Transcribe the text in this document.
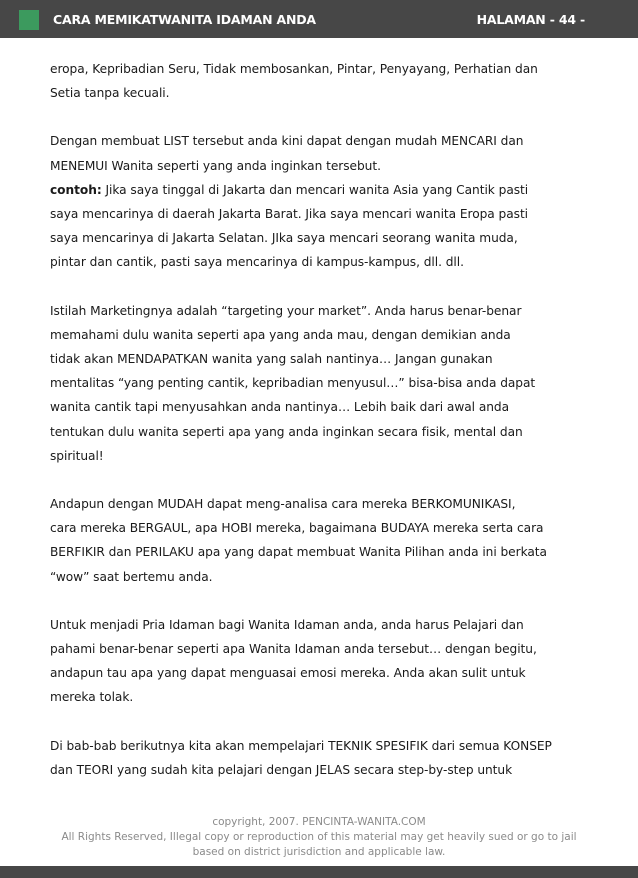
CARA MEMIKATWANITA IDAMAN ANDA	HALAMAN - 44 -

eropa, Kepribadian Seru, Tidak membosankan, Pintar, Penyayang, Perhatian dan
Setia tanpa kecuali.

Dengan membuat LIST tersebut anda kini dapat dengan mudah MENCARI dan
MENEMUI Wanita seperti yang anda inginkan tersebut.
contoh: Jika saya tinggal di Jakarta dan mencari wanita Asia yang Cantik pasti
saya mencarinya di daerah Jakarta Barat. Jika saya mencari wanita Eropa pasti
saya mencarinya di Jakarta Selatan. JIka saya mencari seorang wanita muda,
pintar dan cantik, pasti saya mencarinya di kampus-kampus, dll. dll.

Istilah Marketingnya adalah “targeting your market”. Anda harus benar-benar
memahami dulu wanita seperti apa yang anda mau, dengan demikian anda
tidak akan MENDAPATKAN wanita yang salah nantinya… Jangan gunakan
mentalitas “yang penting cantik, kepribadian menyusul…” bisa-bisa anda dapat
wanita cantik tapi menyusahkan anda nantinya… Lebih baik dari awal anda
tentukan dulu wanita seperti apa yang anda inginkan secara fisik, mental dan
spiritual!

Andapun dengan MUDAH dapat meng-analisa cara mereka BERKOMUNIKASI,
cara mereka BERGAUL, apa HOBI mereka, bagaimana BUDAYA mereka serta cara
BERFIKIR dan PERILAKU apa yang dapat membuat Wanita Pilihan anda ini berkata
“wow” saat bertemu anda.

Untuk menjadi Pria Idaman bagi Wanita Idaman anda, anda harus Pelajari dan
pahami benar-benar seperti apa Wanita Idaman anda tersebut… dengan begitu,
andapun tau apa yang dapat menguasai emosi mereka. Anda akan sulit untuk
mereka tolak.

Di bab-bab berikutnya kita akan mempelajari TEKNIK SPESIFIK dari semua KONSEP
dan TEORI yang sudah kita pelajari dengan JELAS secara step-by-step untuk

copyright, 2007. PENCINTA-WANITA.COM
All Rights Reserved, Illegal copy or reproduction of this material may get heavily sued or go to jail
based on district jurisdiction and applicable law.
